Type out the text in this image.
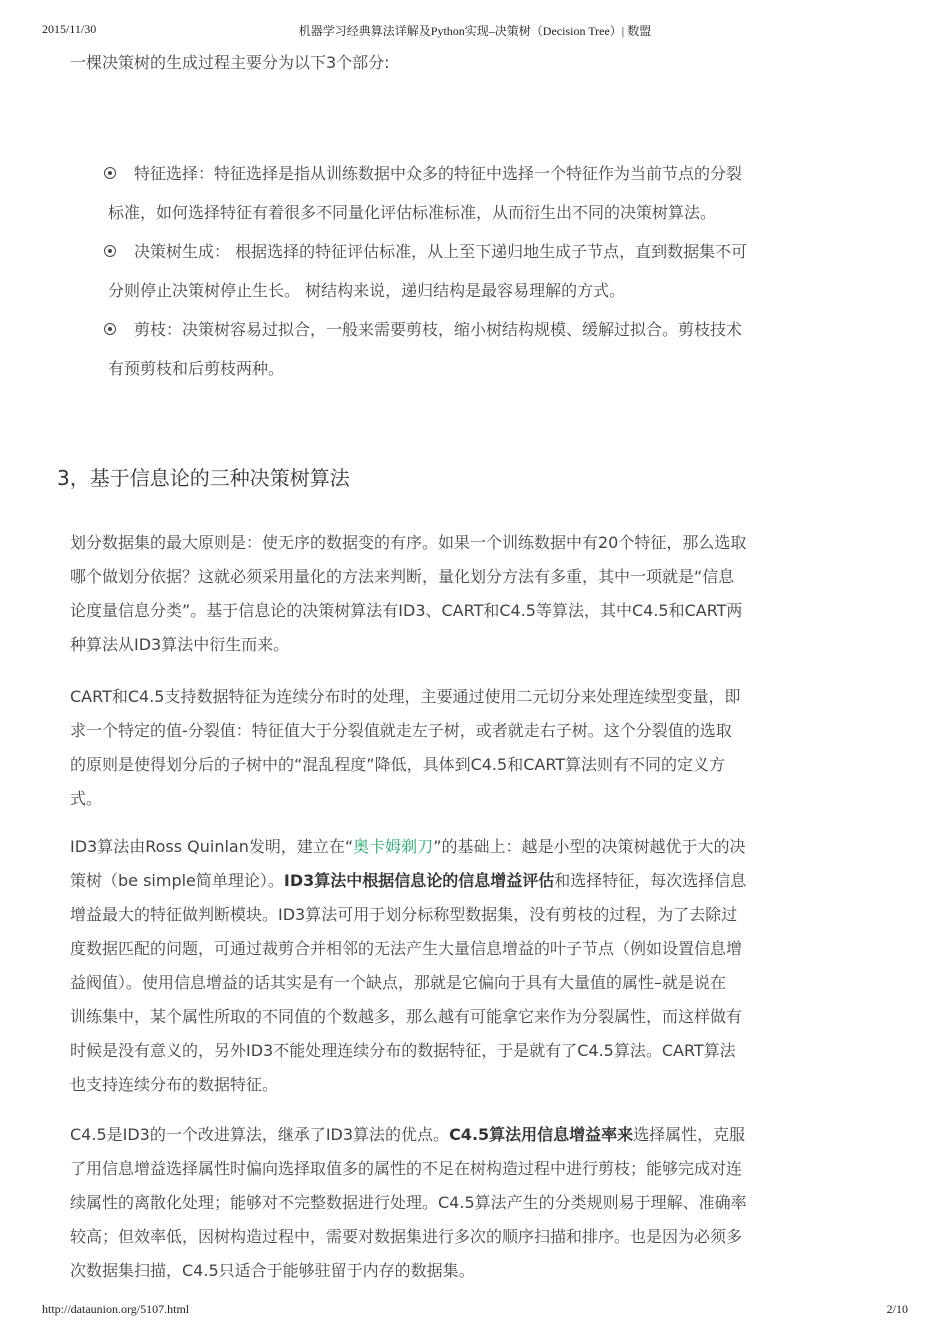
2015/11/30	机器学习经典算法详解及Python实现–决策树（Decision Tree）| 数盟

一棵决策树的生成过程主要分为以下3个部分:

特征选择：特征选择是指从训练数据中众多的特征中选择一个特征作为当前节点的分裂
标准，如何选择特征有着很多不同量化评估标准标准，从而衍生出不同的决策树算法。
决策树生成： 根据选择的特征评估标准，从上至下递归地生成子节点，直到数据集不可
分则停止决策树停止生长。 树结构来说，递归结构是最容易理解的方式。
剪枝：决策树容易过拟合，一般来需要剪枝，缩小树结构规模、缓解过拟合。剪枝技术
有预剪枝和后剪枝两种。
3，基于信息论的三种决策树算法

划分数据集的最大原则是：使无序的数据变的有序。如果一个训练数据中有20个特征，那么选取
哪个做划分依据？这就必须采用量化的方法来判断，量化划分方法有多重，其中一项就是“信息
论度量信息分类”。基于信息论的决策树算法有ID3、CART和C4.5等算法，其中C4.5和CART两
种算法从ID3算法中衍生而来。

CART和C4.5支持数据特征为连续分布时的处理，主要通过使用二元切分来处理连续型变量，即
求一个特定的值-分裂值：特征值大于分裂值就走左子树，或者就走右子树。这个分裂值的选取
的原则是使得划分后的子树中的“混乱程度”降低，具体到C4.5和CART算法则有不同的定义方
式。

ID3算法由Ross Quinlan发明，建立在“奥卡姆剃刀”的基础上：越是小型的决策树越优于大的决
策树（be simple简单理论）。ID3算法中根据信息论的信息增益评估和选择特征，每次选择信息
增益最大的特征做判断模块。ID3算法可用于划分标称型数据集，没有剪枝的过程，为了去除过
度数据匹配的问题，可通过裁剪合并相邻的无法产生大量信息增益的叶子节点（例如设置信息增
益阀值）。使用信息增益的话其实是有一个缺点，那就是它偏向于具有大量值的属性–就是说在
训练集中，某个属性所取的不同值的个数越多，那么越有可能拿它来作为分裂属性，而这样做有
时候是没有意义的，另外ID3不能处理连续分布的数据特征，于是就有了C4.5算法。CART算法
也支持连续分布的数据特征。

C4.5是ID3的一个改进算法，继承了ID3算法的优点。C4.5算法用信息增益率来选择属性，克服
了用信息增益选择属性时偏向选择取值多的属性的不足在树构造过程中进行剪枝；能够完成对连
续属性的离散化处理；能够对不完整数据进行处理。C4.5算法产生的分类规则易于理解、准确率
较高；但效率低，因树构造过程中，需要对数据集进行多次的顺序扫描和排序。也是因为必须多
次数据集扫描，C4.5只适合于能够驻留于内存的数据集。

http://dataunion.org/5107.html	2/10
